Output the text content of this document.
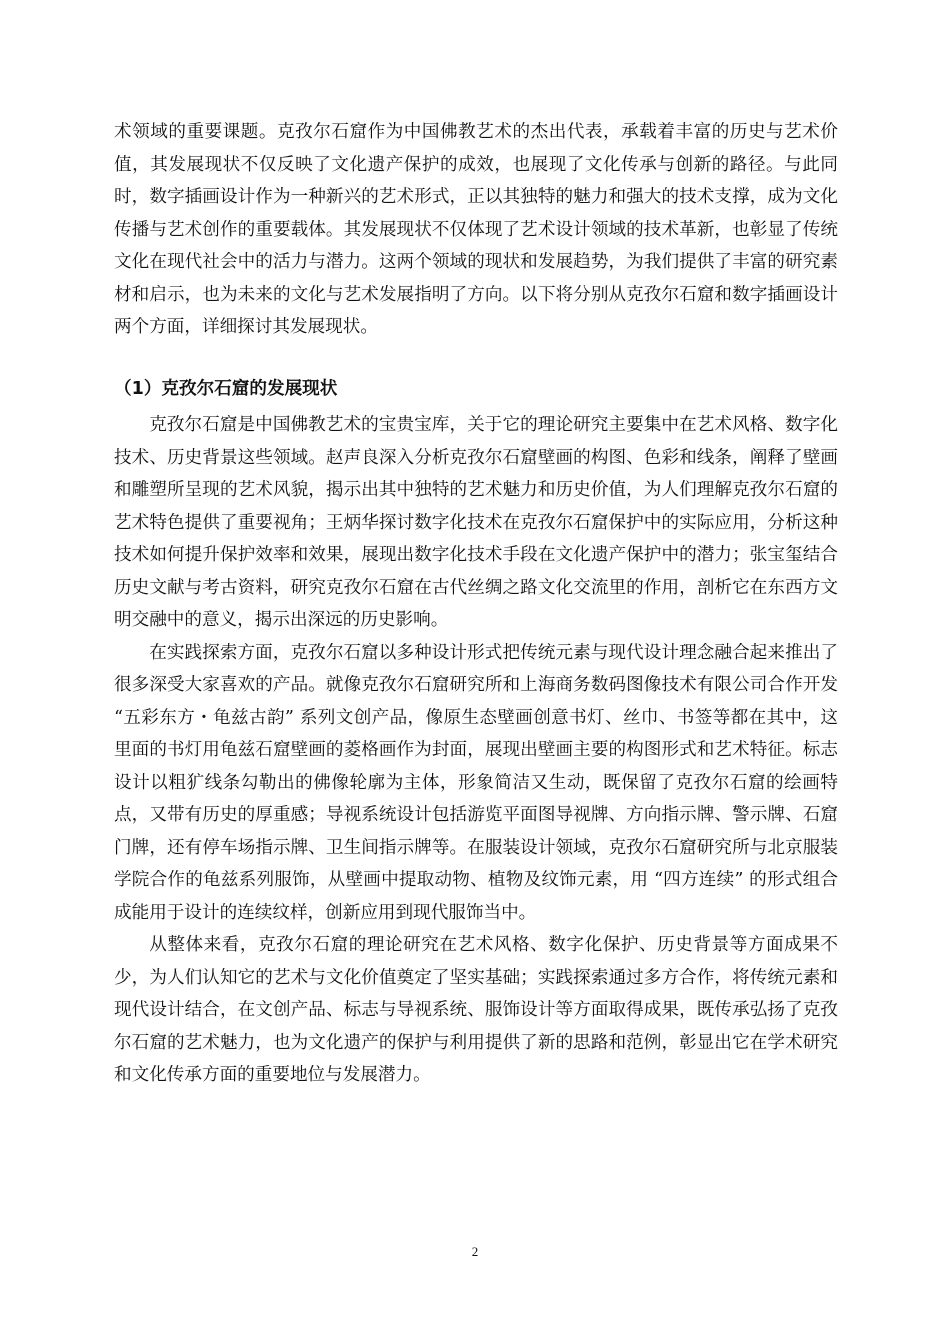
术领域的重要课题。克孜尔石窟作为中国佛教艺术的杰出代表，承载着丰富的历史与艺术价值，其发展现状不仅反映了文化遗产保护的成效，也展现了文化传承与创新的路径。与此同时，数字插画设计作为一种新兴的艺术形式，正以其独特的魅力和强大的技术支撑，成为文化传播与艺术创作的重要载体。其发展现状不仅体现了艺术设计领域的技术革新，也彰显了传统文化在现代社会中的活力与潜力。这两个领域的现状和发展趋势，为我们提供了丰富的研究素材和启示，也为未来的文化与艺术发展指明了方向。以下将分别从克孜尔石窟和数字插画设计两个方面，详细探讨其发展现状。

（1）克孜尔石窟的发展现状

克孜尔石窟是中国佛教艺术的宝贵宝库，关于它的理论研究主要集中在艺术风格、数字化技术、历史背景这些领域。赵声良深入分析克孜尔石窟壁画的构图、色彩和线条，阐释了壁画和雕塑所呈现的艺术风貌，揭示出其中独特的艺术魅力和历史价值，为人们理解克孜尔石窟的艺术特色提供了重要视角；王炳华探讨数字化技术在克孜尔石窟保护中的实际应用，分析这种技术如何提升保护效率和效果，展现出数字化技术手段在文化遗产保护中的潜力；张宝玺结合历史文献与考古资料，研究克孜尔石窟在古代丝绸之路文化交流里的作用，剖析它在东西方文明交融中的意义，揭示出深远的历史影响。

在实践探索方面，克孜尔石窟以多种设计形式把传统元素与现代设计理念融合起来推出了很多深受大家喜欢的产品。就像克孜尔石窟研究所和上海商务数码图像技术有限公司合作开发 “五彩东方・龟兹古韵” 系列文创产品，像原生态壁画创意书灯、丝巾、书签等都在其中，这里面的书灯用龟兹石窟壁画的菱格画作为封面，展现出壁画主要的构图形式和艺术特征。标志设计以粗犷线条勾勒出的佛像轮廓为主体，形象简洁又生动，既保留了克孜尔石窟的绘画特点，又带有历史的厚重感；导视系统设计包括游览平面图导视牌、方向指示牌、警示牌、石窟门牌，还有停车场指示牌、卫生间指示牌等。在服装设计领域，克孜尔石窟研究所与北京服装学院合作的龟兹系列服饰，从壁画中提取动物、植物及纹饰元素，用 “四方连续” 的形式组合成能用于设计的连续纹样，创新应用到现代服饰当中。

从整体来看，克孜尔石窟的理论研究在艺术风格、数字化保护、历史背景等方面成果不少，为人们认知它的艺术与文化价值奠定了坚实基础；实践探索通过多方合作，将传统元素和现代设计结合，在文创产品、标志与导视系统、服饰设计等方面取得成果，既传承弘扬了克孜尔石窟的艺术魅力，也为文化遗产的保护与利用提供了新的思路和范例，彰显出它在学术研究和文化传承方面的重要地位与发展潜力。

2
